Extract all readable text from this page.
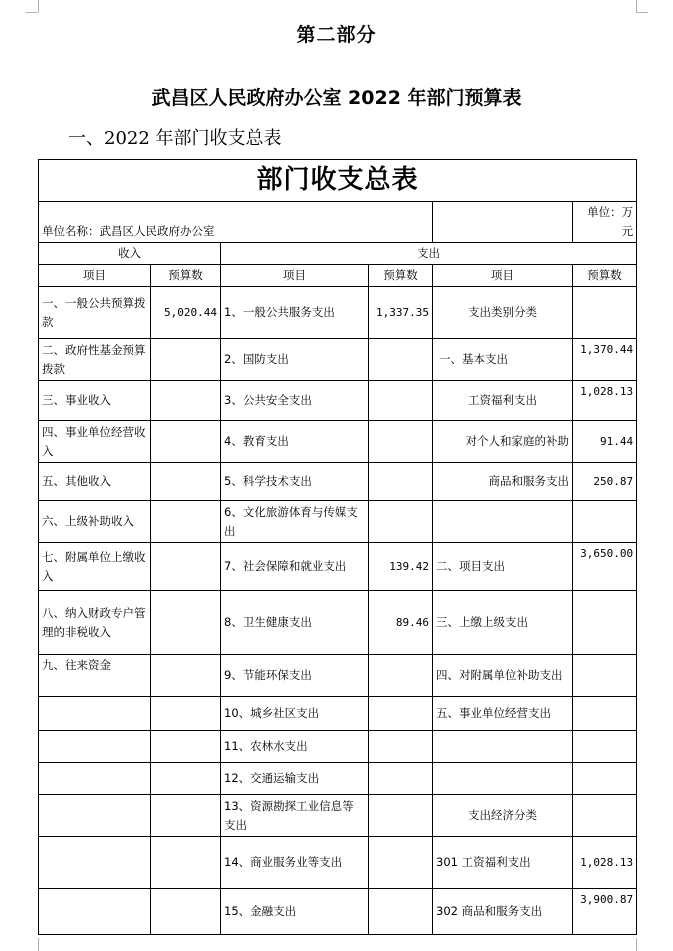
第二部分
武昌区人民政府办公室 2022 年部门预算表
一、2022 年部门收支总表
部门收支总表					
单位名称：武昌区人民政府办公室					单位：万元
收入		支出			
项目	预算数	项目	预算数	项目	预算数
一、一般公共预算拨款	5,020.44	1、一般公共服务支出	1,337.35	支出类别分类	
二、政府性基金预算拨款		2、国防支出		一、基本支出	1,370.44
三、事业收入		3、公共安全支出		工资福利支出	1,028.13
四、事业单位经营收入		4、教育支出		对个人和家庭的补助	91.44
五、其他收入		5、科学技术支出		商品和服务支出	250.87
六、上级补助收入		6、文化旅游体育与传媒支出			
七、附属单位上缴收入		7、社会保障和就业支出	139.42	二、项目支出	3,650.00
八、纳入财政专户管理的非税收入		8、卫生健康支出	89.46	三、上缴上级支出	
九、往来资金		9、节能环保支出		四、对附属单位补助支出	
		10、城乡社区支出		五、事业单位经营支出	
		11、农林水支出			
		12、交通运输支出			
		13、资源勘探工业信息等支出		支出经济分类	
		14、商业服务业等支出		301 工资福利支出	1,028.13
		15、金融支出		302 商品和服务支出	3,900.87
